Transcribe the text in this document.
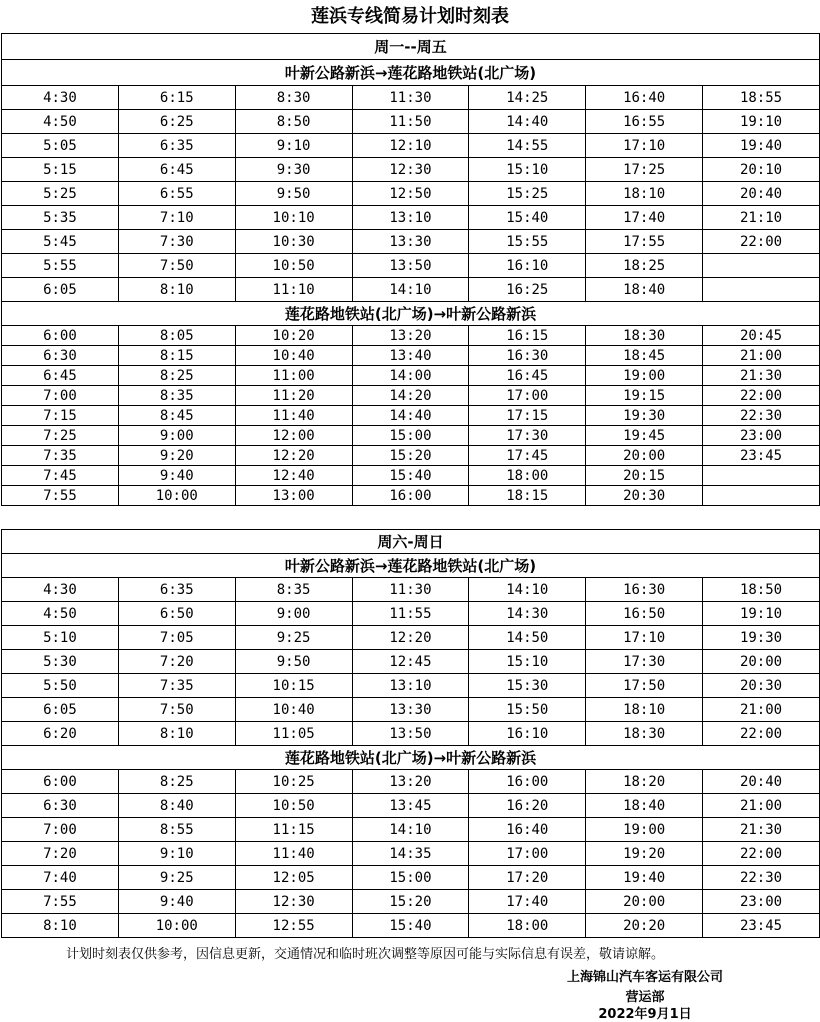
莲浜专线简易计划时刻表
周一--周五						
叶新公路新浜→莲花路地铁站(北广场)						
4:30	6:15	8:30	11:30	14:25	16:40	18:55
4:50	6:25	8:50	11:50	14:40	16:55	19:10
5:05	6:35	9:10	12:10	14:55	17:10	19:40
5:15	6:45	9:30	12:30	15:10	17:25	20:10
5:25	6:55	9:50	12:50	15:25	18:10	20:40
5:35	7:10	10:10	13:10	15:40	17:40	21:10
5:45	7:30	10:30	13:30	15:55	17:55	22:00
5:55	7:50	10:50	13:50	16:10	18:25	
6:05	8:10	11:10	14:10	16:25	18:40	
莲花路地铁站(北广场)→叶新公路新浜						
6:00	8:05	10:20	13:20	16:15	18:30	20:45
6:30	8:15	10:40	13:40	16:30	18:45	21:00
6:45	8:25	11:00	14:00	16:45	19:00	21:30
7:00	8:35	11:20	14:20	17:00	19:15	22:00
7:15	8:45	11:40	14:40	17:15	19:30	22:30
7:25	9:00	12:00	15:00	17:30	19:45	23:00
7:35	9:20	12:20	15:20	17:45	20:00	23:45
7:45	9:40	12:40	15:40	18:00	20:15	
7:55	10:00	13:00	16:00	18:15	20:30	
周六-周日						
叶新公路新浜→莲花路地铁站(北广场)						
4:30	6:35	8:35	11:30	14:10	16:30	18:50
4:50	6:50	9:00	11:55	14:30	16:50	19:10
5:10	7:05	9:25	12:20	14:50	17:10	19:30
5:30	7:20	9:50	12:45	15:10	17:30	20:00
5:50	7:35	10:15	13:10	15:30	17:50	20:30
6:05	7:50	10:40	13:30	15:50	18:10	21:00
6:20	8:10	11:05	13:50	16:10	18:30	22:00
莲花路地铁站(北广场)→叶新公路新浜						
6:00	8:25	10:25	13:20	16:00	18:20	20:40
6:30	8:40	10:50	13:45	16:20	18:40	21:00
7:00	8:55	11:15	14:10	16:40	19:00	21:30
7:20	9:10	11:40	14:35	17:00	19:20	22:00
7:40	9:25	12:05	15:00	17:20	19:40	22:30
7:55	9:40	12:30	15:20	17:40	20:00	23:00
8:10	10:00	12:55	15:40	18:00	20:20	23:45
计划时刻表仅供参考，因信息更新，交通情况和临时班次调整等原因可能与实际信息有误差，敬请谅解。
上海锦山汽车客运有限公司
营运部
2022年9月1日
